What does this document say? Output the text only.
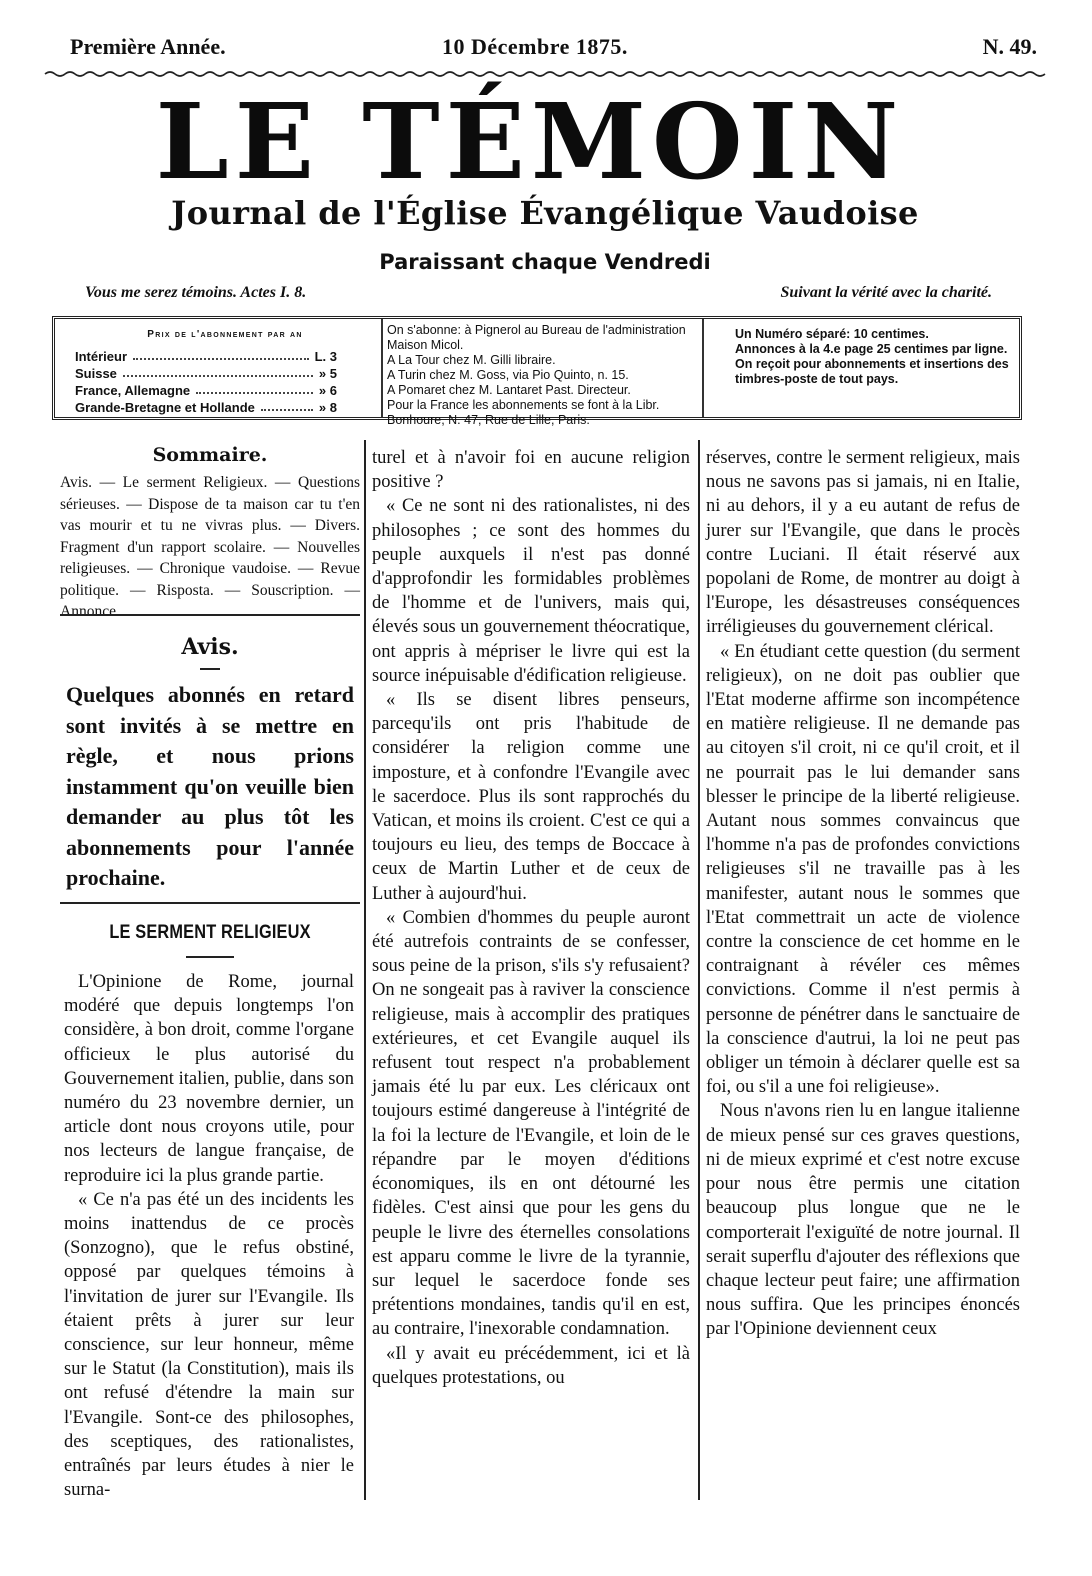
Première Année.	10 Décembre 1875.	N. 49.
LE TÉMOIN
Journal de l'Église Évangélique Vaudoise
Paraissant chaque Vendredi
Vous me serez témoins. Actes I. 8.	Suivant la vérité avec la charité.
Prix de l'abonnement par an
Intérieur	L. 3
Suisse	» 5
France, Allemagne	» 6
Grande-Bretagne et Hollande	» 8
On s'abonne: à Pignerol au Bureau de l'administration Maison Micol.
A La Tour chez M. Gilli libraire.
A Turin chez M. Goss, via Pio Quinto, n. 15.
A Pomaret chez M. Lantaret Past. Directeur.
Pour la France les abonnements se font à la Libr. Bonhoure, N. 47, Rue de Lille, Paris.
Un Numéro séparé: 10 centimes.
Annonces à la 4.e page 25 centimes par ligne.
On reçoit pour abonnements et insertions des timbres-poste de tout pays.
Sommaire.
Avis. — Le serment Religieux. — Questions sérieuses. — Dispose de ta maison car tu t'en vas mourir et tu ne vivras plus. — Divers. Fragment d'un rapport scolaire. — Nouvelles religieuses. — Chronique vaudoise. — Revue politique. — Risposta. — Souscription. — Annonce.
Avis.
Quelques abonnés en retard sont invités à se mettre en règle, et nous prions instamment qu'on veuille bien demander au plus tôt les abonnements pour l'année prochaine.
LE SERMENT RELIGIEUX

L'Opinione de Rome, journal modéré que depuis longtemps l'on considère, à bon droit, comme l'organe officieux le plus autorisé du Gouvernement italien, publie, dans son numéro du 23 novembre dernier, un article dont nous croyons utile, pour nos lecteurs de langue française, de reproduire ici la plus grande partie.

« Ce n'a pas été un des incidents les moins inattendus de ce procès (Sonzogno), que le refus obstiné, opposé par quelques témoins à l'invitation de jurer sur l'Evangile. Ils étaient prêts à jurer sur leur conscience, sur leur honneur, même sur le Statut (la Constitution), mais ils ont refusé d'étendre la main sur l'Evangile. Sont-ce des philosophes, des sceptiques, des rationalistes, entraînés par leurs études à nier le surna-

turel et à n'avoir foi en aucune religion positive ?

« Ce ne sont ni des rationalistes, ni des philosophes ; ce sont des hommes du peuple auxquels il n'est pas donné d'approfondir les formidables problèmes de l'homme et de l'univers, mais qui, élevés sous un gouvernement théocratique, ont appris à mépriser le livre qui est la source inépuisable d'édification religieuse.

« Ils se disent libres penseurs, parcequ'ils ont pris l'habitude de considérer la religion comme une imposture, et à confondre l'Evangile avec le sacerdoce. Plus ils sont rapprochés du Vatican, et moins ils croient. C'est ce qui a toujours eu lieu, des temps de Boccace à ceux de Martin Luther et de ceux de Luther à aujourd'hui.

« Combien d'hommes du peuple auront été autrefois contraints de se confesser, sous peine de la prison, s'ils s'y refusaient? On ne songeait pas à raviver la conscience religieuse, mais à accomplir des pratiques extérieures, et cet Evangile auquel ils refusent tout respect n'a probablement jamais été lu par eux. Les cléricaux ont toujours estimé dangereuse à l'intégrité de la foi la lecture de l'Evangile, et loin de le répandre par le moyen d'éditions économiques, ils en ont détourné les fidèles. C'est ainsi que pour les gens du peuple le livre des éternelles consolations est apparu comme le livre de la tyrannie, sur lequel le sacerdoce fonde ses prétentions mondaines, tandis qu'il en est, au contraire, l'inexorable condamnation.

«Il y avait eu précédemment, ici et là quelques protestations, ou

réserves, contre le serment religieux, mais nous ne savons pas si jamais, ni en Italie, ni au dehors, il y a eu autant de refus de jurer sur l'Evangile, que dans le procès contre Luciani. Il était réservé aux popolani de Rome, de montrer au doigt à l'Europe, les désastreuses conséquences irréligieuses du gouvernement clérical.

« En étudiant cette question (du serment religieux), on ne doit pas oublier que l'Etat moderne affirme son incompétence en matière religieuse. Il ne demande pas au citoyen s'il croit, ni ce qu'il croit, et il ne pourrait pas le lui demander sans blesser le principe de la liberté religieuse. Autant nous sommes convaincus que l'homme n'a pas de profondes convictions religieuses s'il ne travaille pas à les manifester, autant nous le sommes que l'Etat commettrait un acte de violence contre la conscience de cet homme en le contraignant à révéler ces mêmes convictions. Comme il n'est permis à personne de pénétrer dans le sanctuaire de la conscience d'autrui, la loi ne peut pas obliger un témoin à déclarer quelle est sa foi, ou s'il a une foi religieuse».

Nous n'avons rien lu en langue italienne de mieux pensé sur ces graves questions, ni de mieux exprimé et c'est notre excuse pour nous être permis une citation beaucoup plus longue que ne le comporterait l'exiguïté de notre journal. Il serait superflu d'ajouter des réflexions que chaque lecteur peut faire; une affirmation nous suffira. Que les principes énoncés par l'Opinione deviennent ceux
